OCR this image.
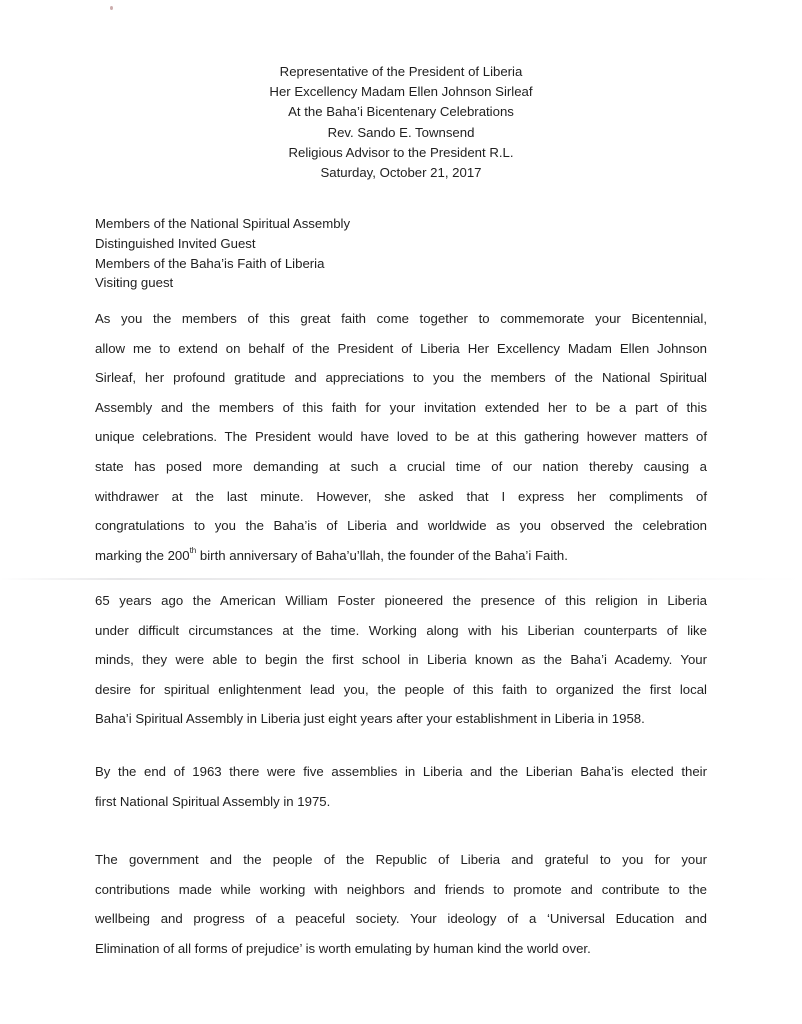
Representative of the President of Liberia
Her Excellency Madam Ellen Johnson Sirleaf
At the Baha’i Bicentenary Celebrations
Rev. Sando E. Townsend
Religious Advisor to the President R.L.
Saturday, October 21, 2017
Members of the National Spiritual Assembly
Distinguished Invited Guest
Members of the Baha’is Faith of Liberia
Visiting guest
As you the members of this great faith come together to commemorate your Bicentennial,
allow me to extend on behalf of the President of Liberia Her Excellency Madam Ellen Johnson
Sirleaf, her profound gratitude and appreciations to you the members of the National Spiritual
Assembly and the members of this faith for your invitation extended her to be a part of this
unique celebrations. The President would have loved to be at this gathering however matters of
state has posed more demanding at such a crucial time of our nation thereby causing a
withdrawer at the last minute. However, she asked that I express her compliments of
congratulations to you the Baha’is of Liberia and worldwide as you observed the celebration
marking the 200th birth anniversary of Baha’u’llah, the founder of the Baha’i Faith.
65 years ago the American William Foster pioneered the presence of this religion in Liberia
under difficult circumstances at the time. Working along with his Liberian counterparts of like
minds, they were able to begin the first school in Liberia known as the Baha’i Academy. Your
desire for spiritual enlightenment lead you, the people of this faith to organized the first local
Baha’i Spiritual Assembly in Liberia just eight years after your establishment in Liberia in 1958.
By the end of 1963 there were five assemblies in Liberia and the Liberian Baha’is elected their
first National Spiritual Assembly in 1975.
The government and the people of the Republic of Liberia and grateful to you for your
contributions made while working with neighbors and friends to promote and contribute to the
wellbeing and progress of a peaceful society. Your ideology of a ‘Universal Education and
Elimination of all forms of prejudice’ is worth emulating by human kind the world over.
